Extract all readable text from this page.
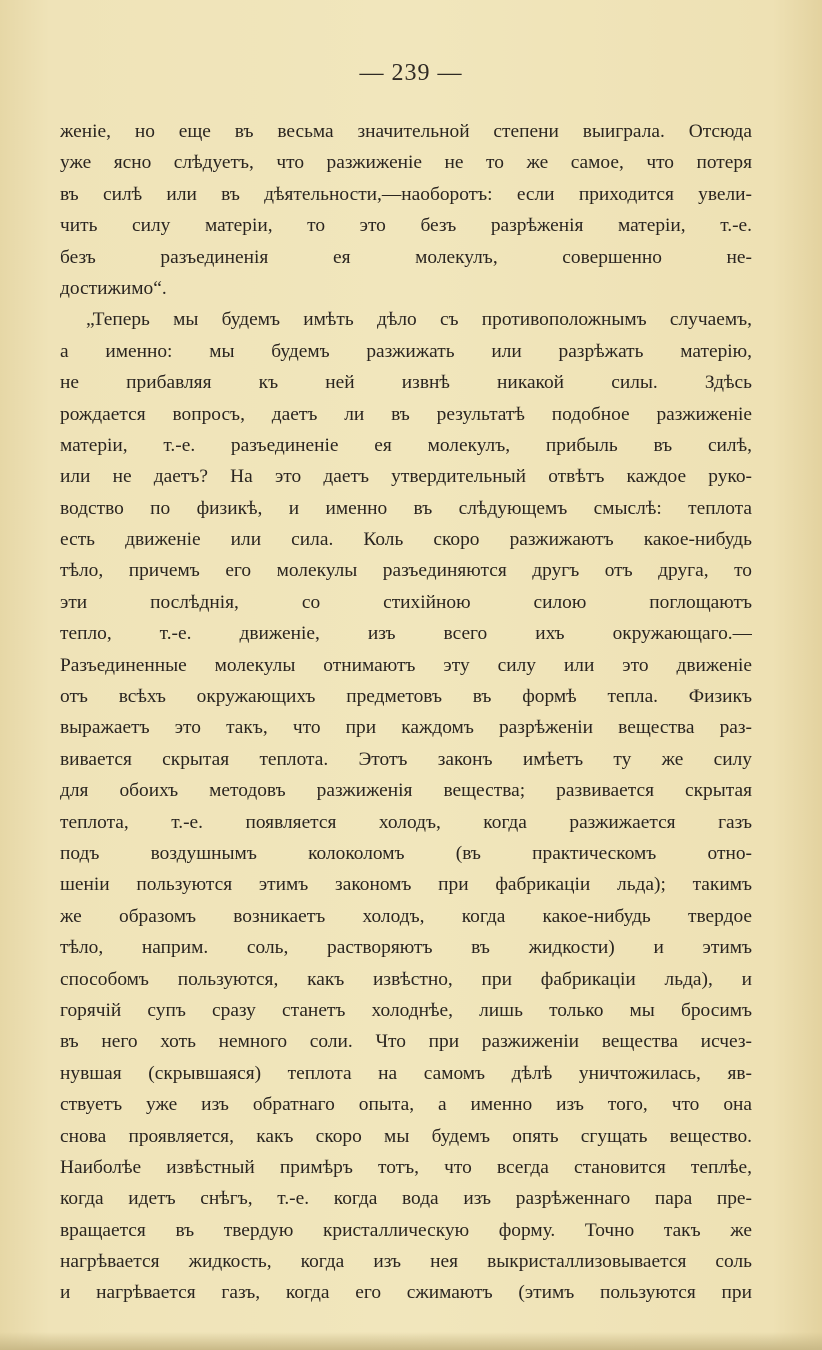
— 239 —
женіе, но еще въ весьма значительной степени выиграла. Отсюда
уже ясно слѣдуетъ, что разжиженіе не то же самое, что потеря
въ силѣ или въ дѣятельности,—наоборотъ: если приходится увели-
чить силу матеріи, то это безъ разрѣженія матеріи, т.-е.
безъ разъединенія ея молекулъ, совершенно не-
достижимо“.
„Теперь мы будемъ имѣть дѣло съ противоположнымъ случаемъ,
а именно: мы будемъ разжижать или разрѣжать матерію,
не прибавляя къ ней извнѣ никакой силы. Здѣсь
рождается вопросъ, даетъ ли въ результатѣ подобное разжиженіе
матеріи, т.-е. разъединеніе ея молекулъ, прибыль въ силѣ,
или не даетъ? На это даетъ утвердительный отвѣтъ каждое руко-
водство по физикѣ, и именно въ слѣдующемъ смыслѣ: теплота
есть движеніе или сила. Коль скоро разжижаютъ какое-нибудь
тѣло, причемъ его молекулы разъединяются другъ отъ друга, то
эти послѣднія, со стихійною силою поглощаютъ
тепло, т.-е. движеніе, изъ всего ихъ окружающаго.—
Разъединенные молекулы отнимаютъ эту силу или это движеніе
отъ всѣхъ окружающихъ предметовъ въ формѣ тепла. Физикъ
выражаетъ это такъ, что при каждомъ разрѣженіи вещества раз-
вивается скрытая теплота. Этотъ законъ имѣетъ ту же силу
для обоихъ методовъ разжиженія вещества; развивается скрытая
теплота, т.-е. появляется холодъ, когда разжижается газъ
подъ воздушнымъ колоколомъ (въ практическомъ отно-
шеніи пользуются этимъ закономъ при фабрикаціи льда); такимъ
же образомъ возникаетъ холодъ, когда какое-нибудь твердое
тѣло, наприм. соль, растворяютъ въ жидкости) и этимъ
способомъ пользуются, какъ извѣстно, при фабрикаціи льда), и
горячій супъ сразу станетъ холоднѣе, лишь только мы бросимъ
въ него хоть немного соли. Что при разжиженіи вещества исчез-
нувшая (скрывшаяся) теплота на самомъ дѣлѣ уничтожилась, яв-
ствуетъ уже изъ обратнаго опыта, а именно изъ того, что она
снова проявляется, какъ скоро мы будемъ опять сгущать вещество.
Наиболѣе извѣстный примѣръ тотъ, что всегда становится теплѣе,
когда идетъ снѣгъ, т.-е. когда вода изъ разрѣженнаго пара пре-
вращается въ твердую кристаллическую форму. Точно такъ же
нагрѣвается жидкость, когда изъ нея выкристаллизовывается соль
и нагрѣвается газъ, когда его сжимаютъ (этимъ пользуются при
